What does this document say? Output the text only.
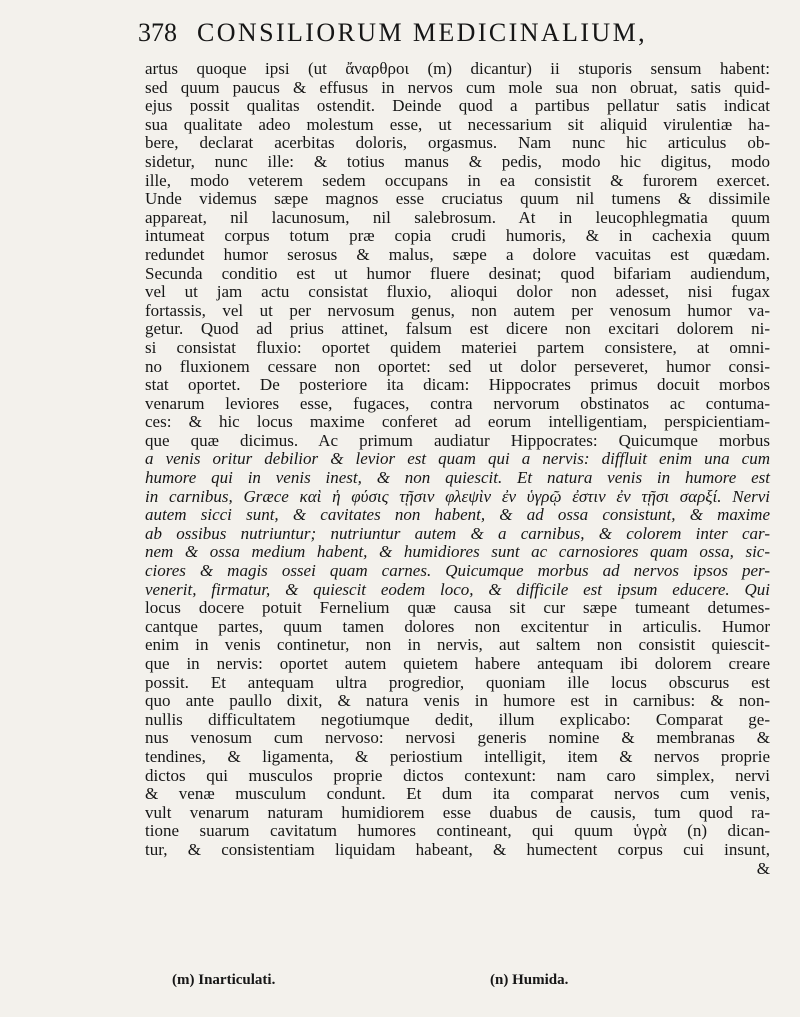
378 CONSILIORUM MEDICINALIUM,
artus quoque ipsi (ut ἄναρθροι (m) dicantur) ii stuporis sensum habent:
sed quum paucus & effusus in nervos cum mole sua non obruat, satis quid-
ejus possit qualitas ostendit. Deinde quod a partibus pellatur satis indicat
sua qualitate adeo molestum esse, ut necessarium sit aliquid virulentiæ ha-
bere, declarat acerbitas doloris, orgasmus. Nam nunc hic articulus ob-
sidetur, nunc ille: & totius manus & pedis, modo hic digitus, modo
ille, modo veterem sedem occupans in ea consistit & furorem exercet.
Unde videmus sæpe magnos esse cruciatus quum nil tumens & dissimile
appareat, nil lacunosum, nil salebrosum. At in leucophlegmatia quum
intumeat corpus totum præ copia crudi humoris, & in cachexia quum
redundet humor serosus & malus, sæpe a dolore vacuitas est quædam.
Secunda conditio est ut humor fluere desinat; quod bifariam audiendum,
vel ut jam actu consistat fluxio, alioqui dolor non adesset, nisi fugax
fortassis, vel ut per nervosum genus, non autem per venosum humor va-
getur. Quod ad prius attinet, falsum est dicere non excitari dolorem ni-
si consistat fluxio: oportet quidem materiei partem consistere, at omni-
no fluxionem cessare non oportet: sed ut dolor perseveret, humor consi-
stat oportet. De posteriore ita dicam: Hippocrates primus docuit morbos
venarum leviores esse, fugaces, contra nervorum obstinatos ac contuma-
ces: & hic locus maxime conferet ad eorum intelligentiam, perspicientiam-
que quæ dicimus. Ac primum audiatur Hippocrates: Quicumque morbus
a venis oritur debilior & levior est quam qui a nervis: diffluit enim una cum
humore qui in venis inest, & non quiescit. Et natura venis in humore est
in carnibus, Græce καὶ ἡ φύσις τῇσιν φλεψὶν ἐν ὑγρῷ ἐστιν ἐν τῇσι σαρξί. Nervi
autem sicci sunt, & cavitates non habent, & ad ossa consistunt, & maxime
ab ossibus nutriuntur; nutriuntur autem & a carnibus, & colorem inter car-
nem & ossa medium habent, & humidiores sunt ac carnosiores quam ossa, sic-
ciores & magis ossei quam carnes. Quicumque morbus ad nervos ipsos per-
venerit, firmatur, & quiescit eodem loco, & difficile est ipsum educere. Qui
locus docere potuit Fernelium quæ causa sit cur sæpe tumeant detumes-
cantque partes, quum tamen dolores non excitentur in articulis. Humor
enim in venis continetur, non in nervis, aut saltem non consistit quiescit-
que in nervis: oportet autem quietem habere antequam ibi dolorem creare
possit. Et antequam ultra progredior, quoniam ille locus obscurus est
quo ante paullo dixit, & natura venis in humore est in carnibus: & non-
nullis difficultatem negotiumque dedit, illum explicabo: Comparat ge-
nus venosum cum nervoso: nervosi generis nomine & membranas &
tendines, & ligamenta, & periostium intelligit, item & nervos proprie
dictos qui musculos proprie dictos contexunt: nam caro simplex, nervi
& venæ musculum condunt. Et dum ita comparat nervos cum venis,
vult venarum naturam humidiorem esse duabus de causis, tum quod ra-
tione suarum cavitatum humores contineant, qui quum ὑγρὰ (n) dican-
tur, & consistentiam liquidam habeant, & humectent corpus cui insunt,
&
(m) Inarticulati.	(n) Humida.
